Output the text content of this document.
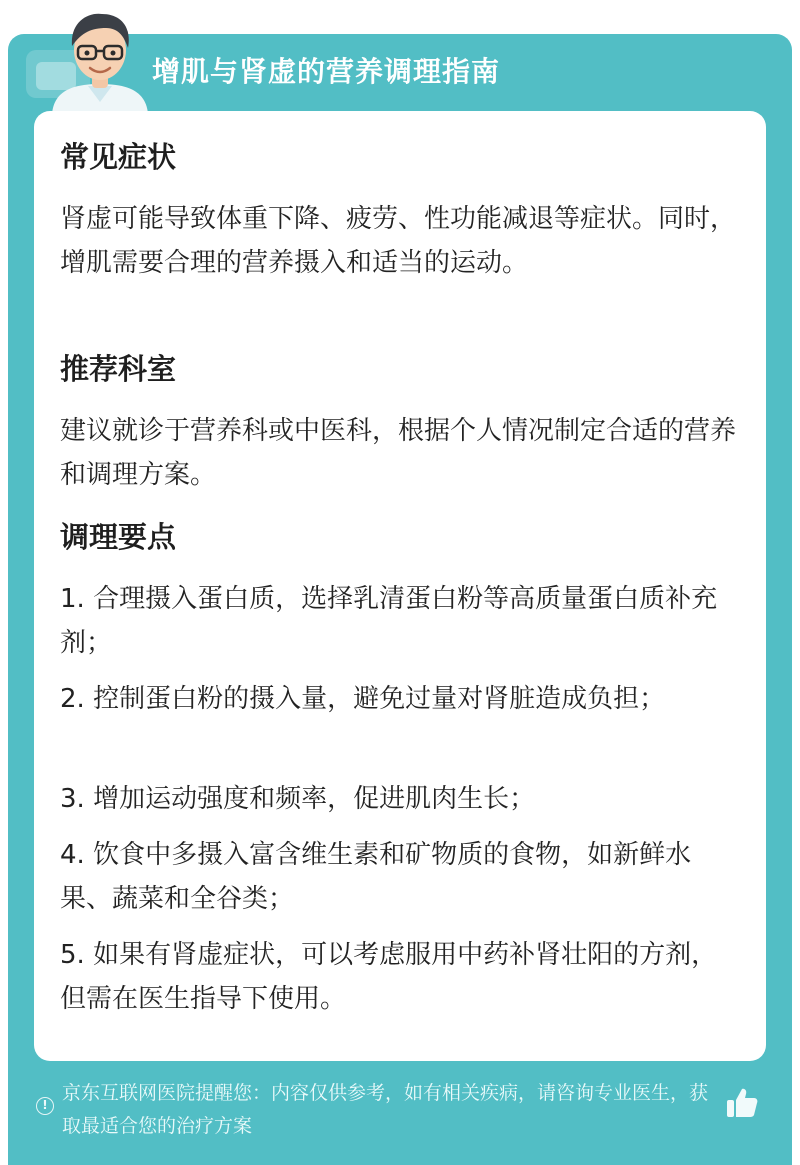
增肌与肾虚的营养调理指南
常见症状

肾虚可能导致体重下降、疲劳、性功能减退等症状。同时，增肌需要合理的营养摄入和适当的运动。

推荐科室

建议就诊于营养科或中医科，根据个人情况制定合适的营养和调理方案。

调理要点

1. 合理摄入蛋白质，选择乳清蛋白粉等高质量蛋白质补充剂；

2. 控制蛋白粉的摄入量，避免过量对肾脏造成负担；

3. 增加运动强度和频率，促进肌肉生长；

4. 饮食中多摄入富含维生素和矿物质的食物，如新鲜水果、蔬菜和全谷类；

5. 如果有肾虚症状，可以考虑服用中药补肾壮阳的方剂，但需在医生指导下使用。

!

京东互联网医院提醒您：内容仅供参考，如有相关疾病，请咨询专业医生，获取最适合您的治疗方案
